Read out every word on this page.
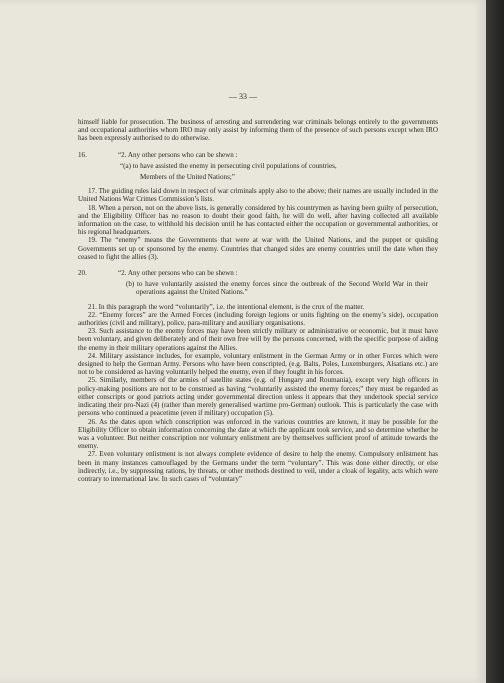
— 33 —

himself liable for prosecution. The business of arresting and surrendering war criminals belongs entirely to the governments and occupational authorities whom IRO may only assist by informing them of the presence of such persons except when IRO has been expressly authorised to do otherwise.

16.	“2. Any other persons who can be shewn :

“(a) to have assisted the enemy in persecuting civil populations of countries,

Members of the United Nations;”

17. The guiding rules laid down in respect of war criminals apply also to the above; their names are usually included in the United Nations War Crimes Commission’s lists.

18. When a person, not on the above lists, is generally considered by his countrymen as having been guilty of persecution, and the Eligibility Officer has no reason to doubt their good faith, he will do well, after having collected all available information on the case, to withhold his decision until he has contacted either the occupation or governmental authorities, or his regional headquarters.

19. The “enemy” means the Governments that were at war with the United Nations, and the puppet or quisling Governments set up or sponsored by the enemy. Countries that changed sides are enemy countries until the date when they ceased to fight the allies (3).

20.	“2. Any other persons who can be shewn :

(b) to have voluntarily assisted the enemy forces since the outbreak of the Second World War in their operations against the United Nations.”

21. In this paragraph the word “voluntarily”, i.e. the intentional element, is the crux of the matter.

22. “Enemy forces” are the Armed Forces (including foreign legions or units fighting on the enemy’s side), occupation authorities (civil and military), police, para-military and auxiliary organisations.

23. Such assistance to the enemy forces may have been strictly military or administrative or economic, but it must have been voluntary, and given deliberately and of their own free will by the persons concerned, with the specific purpose of aiding the enemy in their military operations against the Allies.

24. Military assistance includes, for example, voluntary enlistment in the German Army or in other Forces which were designed to help the German Army. Persons who have been conscripted, (e.g. Balts, Poles, Luxemburgers, Alsatians etc.) are not to be considered as having voluntarily helped the enemy, even if they fought in his forces.

25. Similarly, members of the armies of satellite states (e.g. of Hungary and Roumania), except very high officers in policy-making positions are not to be construed as having “voluntarily assisted the enemy forces;” they must be regarded as either conscripts or good patriots acting under governmental direction unless it appears that they undertook special service indicating their pro-Nazi (4) (rather than merely generalised wartime pro-German) outlook. This is particularly the case with persons who continued a peacetime (even if military) occupation (5).

26. As the dates upon which conscription was enforced in the various countries are known, it may be possible for the Eligibility Officer to obtain information concerning the date at which the applicant took service, and so determine whether he was a volunteer. But neither conscription nor voluntary enlistment are by themselves sufficient proof of attitude towards the enemy.

27. Even voluntary enlistment is not always complete evidence of desire to help the enemy. Compulsory enlistment has been in many instances camouflaged by the Germans under the term “voluntary”. This was done either directly, or else indirectly, i.e., by suppressing rations, by threats, or other methods destined to veil, under a cloak of legality, acts which were contrary to international law. In such cases of “voluntary”
